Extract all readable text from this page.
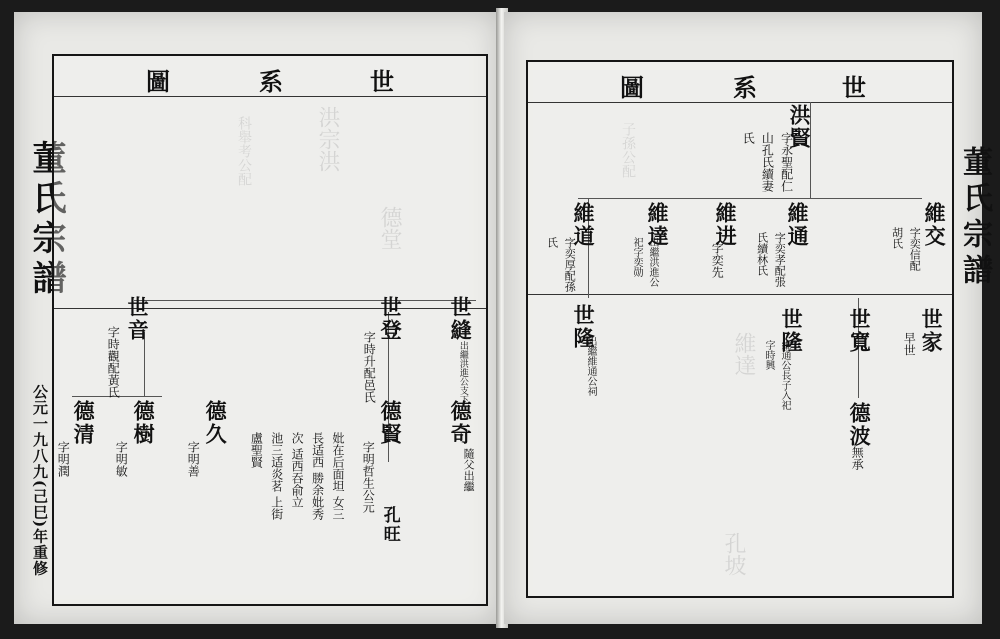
董氏宗譜
公元一九八九(己巳)年重修
圖	系	世
洪宗洪
科舉考公配
德堂
世音
字時觀配黃氏
世登
字時升配邑氏
世縫
出繼洪進公支下
德清
字明潤
德樹
字明敏
德久
字明善
德賢
字明哲生公元
德奇
隨父出繼
妣在后面坦 女三長适西 勝余妣秀次 适西吞俞立 池三适炎茗 上街盧聖賢
孔旺
圖	系	世
子孫公配
維達
孔坡
洪賢
字永聖配仁山孔氏續妻氏
維交
字奕信配胡氏
維通
字奕孝配張氏續林氏
維进
字奕先
維達
出繼洪進公祀字奕勋
維道
字奕厚配孫氏
世家
早世
世寬
世隆
維通公長子入祀字時興
世隆
出繼維通公祠
德波
無承
董氏宗譜
